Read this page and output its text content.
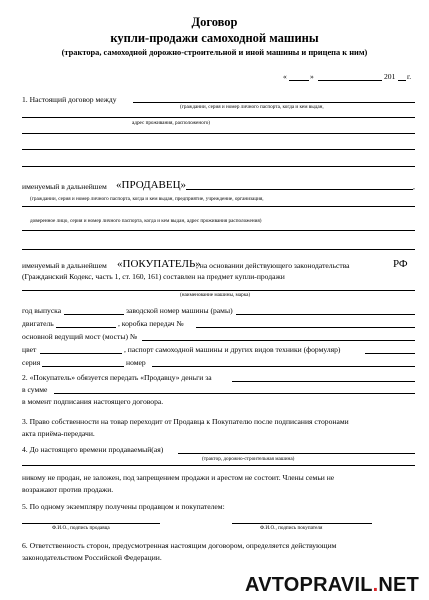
Договор
купли-продажи самоходной машины
(трактора, самоходной дорожно-строительной и иной машины и прицепа к ним)
«	»	201 г.
1. Настоящий договор между
(граждании, серия и номер личного паспорта, когда и кем выдан,
адрес проживания, расположеного)
именуемый в дальнейшем «ПРОДАВЕЦ»	,
(граждании, серия и номер личного паспорта, когда и кем выдан, предприятие, учреждение, организация,
доверенное лицо, серия и номер личного паспорта, когда и кем выдан, адрес проживания расположения)
именуемый в дальнейшем «ПОКУПАТЕЛЬ»
, на основании действующего законодательства	РФ
(Гражданский Кодекс, часть 1, ст. 160, 161) составлен на предмет купли-продажи
(наименование машины, марка)
год выпуска	заводской номер машины (рамы)
двигатель	, коробка передач №
основной ведущий мост (мосты) №
цвет	, паспорт самоходной машины и других видов техники (формуляр)
серия	номер
2. «Покупатель» обязуется передать «Продавцу» деньги за
в сумме
в момент подписания настоящего договора.
3. Право собственности на товар переходит от Продавца к Покупателю после подписания сторонами
акта приёма-передачи.
4. До настоящего времени продаваемый(ая)
(трактор, дорожно-строительная машина)
никому не продан, не заложен, под запрещением продажи и арестом не состоит. Члены семьи не
возражают против продажи.
5. По одному экземпляру получены продавцом и покупателем:
Ф.И.О., подпись продавца	Ф.И.О., подпись покупателя
6. Ответственность сторон, предусмотренная настоящим договором, определяется действующим
законодательством Российской Федерации.
AVTOPRAVIL.NET
